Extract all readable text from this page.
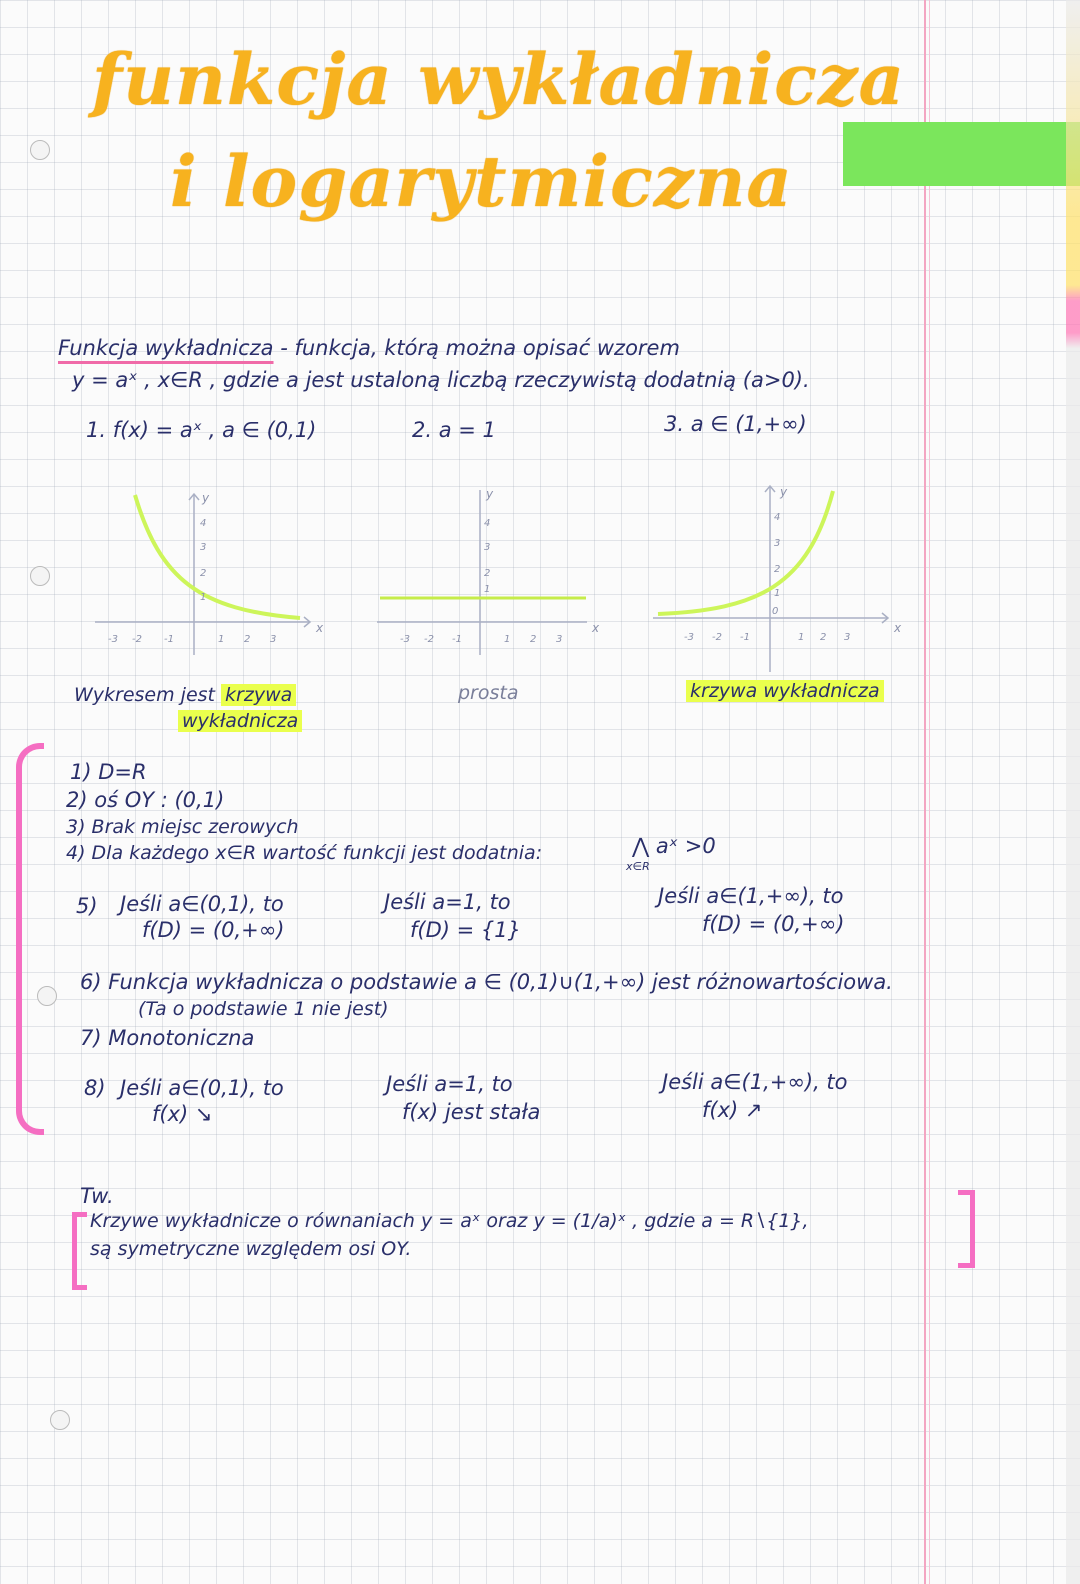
funkcja wykładnicza
i logarytmiczna
Funkcja wykładnicza - funkcja, którą można opisać wzorem
y = aˣ , x∈R , gdzie a jest ustaloną liczbą rzeczywistą dodatnią (a>0).
1. f(x) = aˣ , a ∈ (0,1)	2. a = 1	3. a ∈ (1,+∞)
x
y
-3 -2 -1	1 2 3
4
3
2
1
x
y
-3 -2 -1	1 2 3
4
3
2
1
x
y
-3 -2 -1	1 2 3
4
3
2
1
0
Wykresem jest krzywa
wykładnicza
prosta	krzywa wykładnicza
1) D=R
2) oś OY : (0,1)
3) Brak miejsc zerowych
4) Dla każdego x∈R wartość funkcji jest dodatnia:	⋀ aˣ >0
x∈R
5) Jeśli a∈(0,1), to
f(D) = (0,+∞)
Jeśli a=1, to
f(D) = {1}
Jeśli a∈(1,+∞), to
f(D) = (0,+∞)
6) Funkcja wykładnicza o podstawie a ∈ (0,1)∪(1,+∞) jest różnowartościowa.
(Ta o podstawie 1 nie jest)
7) Monotoniczna
8) Jeśli a∈(0,1), to
f(x) ↘
Jeśli a=1, to
f(x) jest stała
Jeśli a∈(1,+∞), to
f(x) ↗
Tw.
Krzywe wykładnicze o równaniach y = aˣ oraz y = (1/a)ˣ , gdzie a = R∖{1},
są symetryczne względem osi OY.
